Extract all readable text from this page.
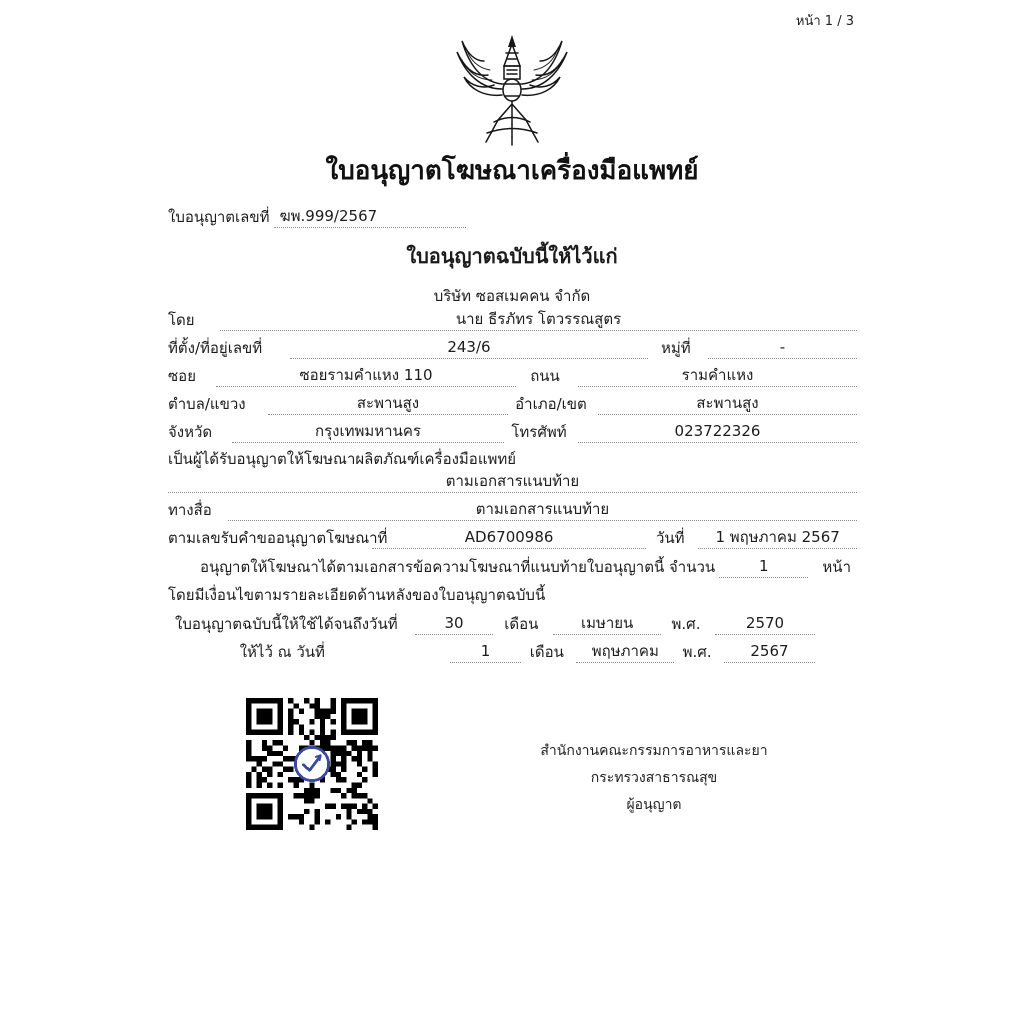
หน้า 1 / 3
ใบอนุญาตโฆษณาเครื่องมือแพทย์
ใบอนุญาตเลขที่ ฆพ.999/2567
ใบอนุญาตฉบับนี้ให้ไว้แก่
บริษัท ซอสเมคคน จำกัด
โดย	นาย ธีรภัทร โตวรรณสูตร
ที่ตั้ง/ที่อยู่เลขที่	243/6	หมู่ที่	-
ซอย	ซอยรามคำแหง 110	ถนน	รามคำแหง
ตำบล/แขวง	สะพานสูง	อำเภอ/เขต	สะพานสูง
จังหวัด	กรุงเทพมหานคร	โทรศัพท์	023722326
เป็นผู้ได้รับอนุญาตให้โฆษณาผลิตภัณฑ์เครื่องมือแพทย์
ตามเอกสารแนบท้าย
ทางสื่อ	ตามเอกสารแนบท้าย
ตามเลขรับคำขออนุญาตโฆษณาที่	AD6700986	วันที่	1 พฤษภาคม 2567
อนุญาตให้โฆษณาได้ตามเอกสารข้อความโฆษณาที่แนบท้ายใบอนุญาตนี้ จำนวน	1	หน้า
โดยมีเงื่อนไขตามรายละเอียดด้านหลังของใบอนุญาตฉบับนี้
ใบอนุญาตฉบับนี้ให้ใช้ได้จนถึงวันที่	30	เดือน	เมษายน	พ.ศ.	2570
ให้ไว้ ณ วันที่	1	เดือน	พฤษภาคม	พ.ศ.	2567
สำนักงานคณะกรรมการอาหารและยา
กระทรวงสาธารณสุข
ผู้อนุญาต
